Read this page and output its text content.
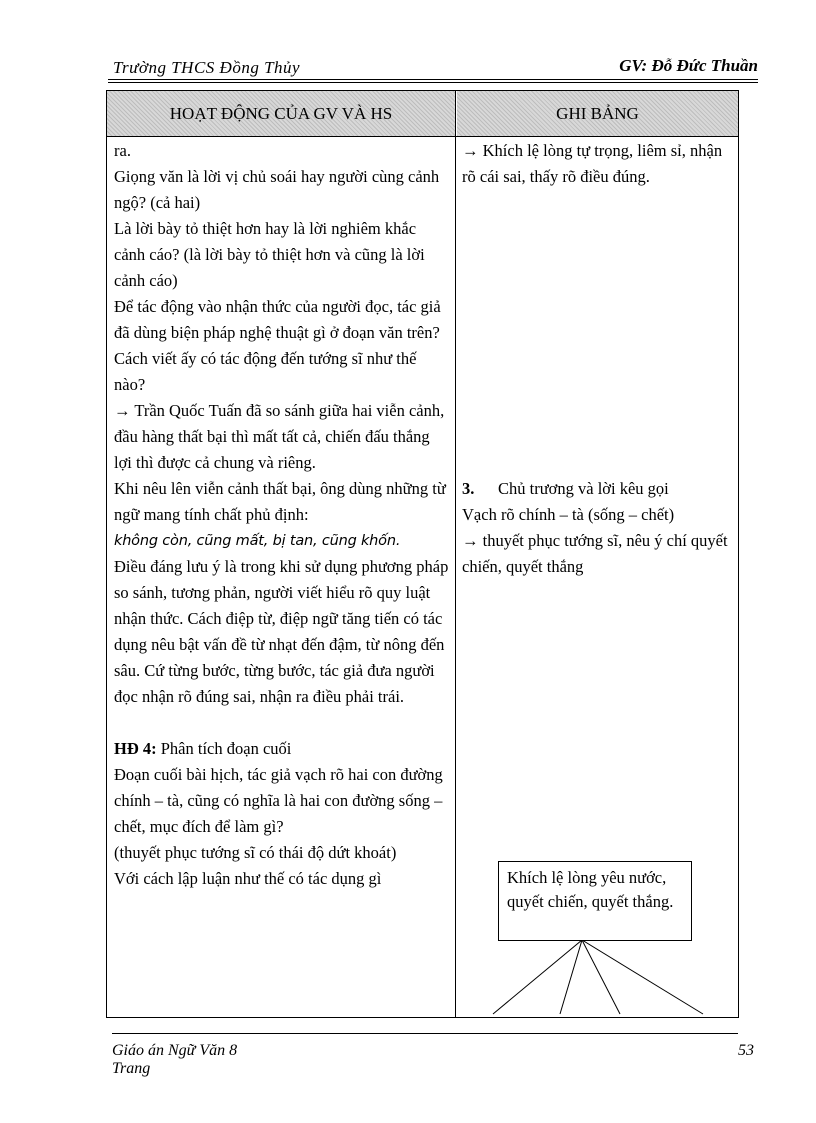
Trường THCS Đồng Thủy	GV: Đỗ Đức Thuần
HOẠT ĐỘNG CỦA GV VÀ HS	GHI BẢNG

ra.

Giọng văn là lời vị chủ soái hay người cùng cảnh ngộ? (cả hai)

Là lời bày tỏ thiệt hơn hay là lời nghiêm khắc cảnh cáo? (là lời bày tỏ thiệt hơn và cũng là lời cảnh cáo)

Để tác động vào nhận thức của người đọc, tác giả đã dùng biện pháp nghệ thuật gì ở đoạn văn trên?

Cách viết ấy có tác động đến tướng sĩ như thế nào?

→ Trần Quốc Tuấn đã so sánh giữa hai viễn cảnh, đầu hàng thất bại thì mất tất cả, chiến đấu thắng lợi thì được cả chung và riêng.

Khi nêu lên viễn cảnh thất bại, ông dùng những từ ngữ mang tính chất phủ định:

không còn, cũng mất, bị tan, cũng khốn.

Điều đáng lưu ý là trong khi sử dụng phương pháp so sánh, tương phản, người viết hiểu rõ quy luật nhận thức. Cách điệp từ, điệp ngữ tăng tiến có tác dụng nêu bật vấn đề từ nhạt đến đậm, từ nông đến sâu. Cứ từng bước, từng bước, tác giả đưa người đọc nhận rõ đúng sai, nhận ra điều phải trái.

HĐ 4: Phân tích đoạn cuối

Đoạn cuối bài hịch, tác giả vạch rõ hai con đường chính – tà, cũng có nghĩa là hai con đường sống – chết, mục đích để làm gì?

(thuyết phục tướng sĩ có thái độ dứt khoát)

Với cách lập luận như thế có tác dụng gì

→ Khích lệ lòng tự trọng, liêm sỉ, nhận rõ cái sai, thấy rõ điều đúng.

3. Chủ trương và lời kêu gọi

Vạch rõ chính – tà (sống – chết)

→ thuyết phục tướng sĩ, nêu ý chí quyết chiến, quyết thắng

Khích lệ lòng yêu nước, quyết chiến, quyết thắng.
Giáo án Ngữ Văn 8
Trang
53
